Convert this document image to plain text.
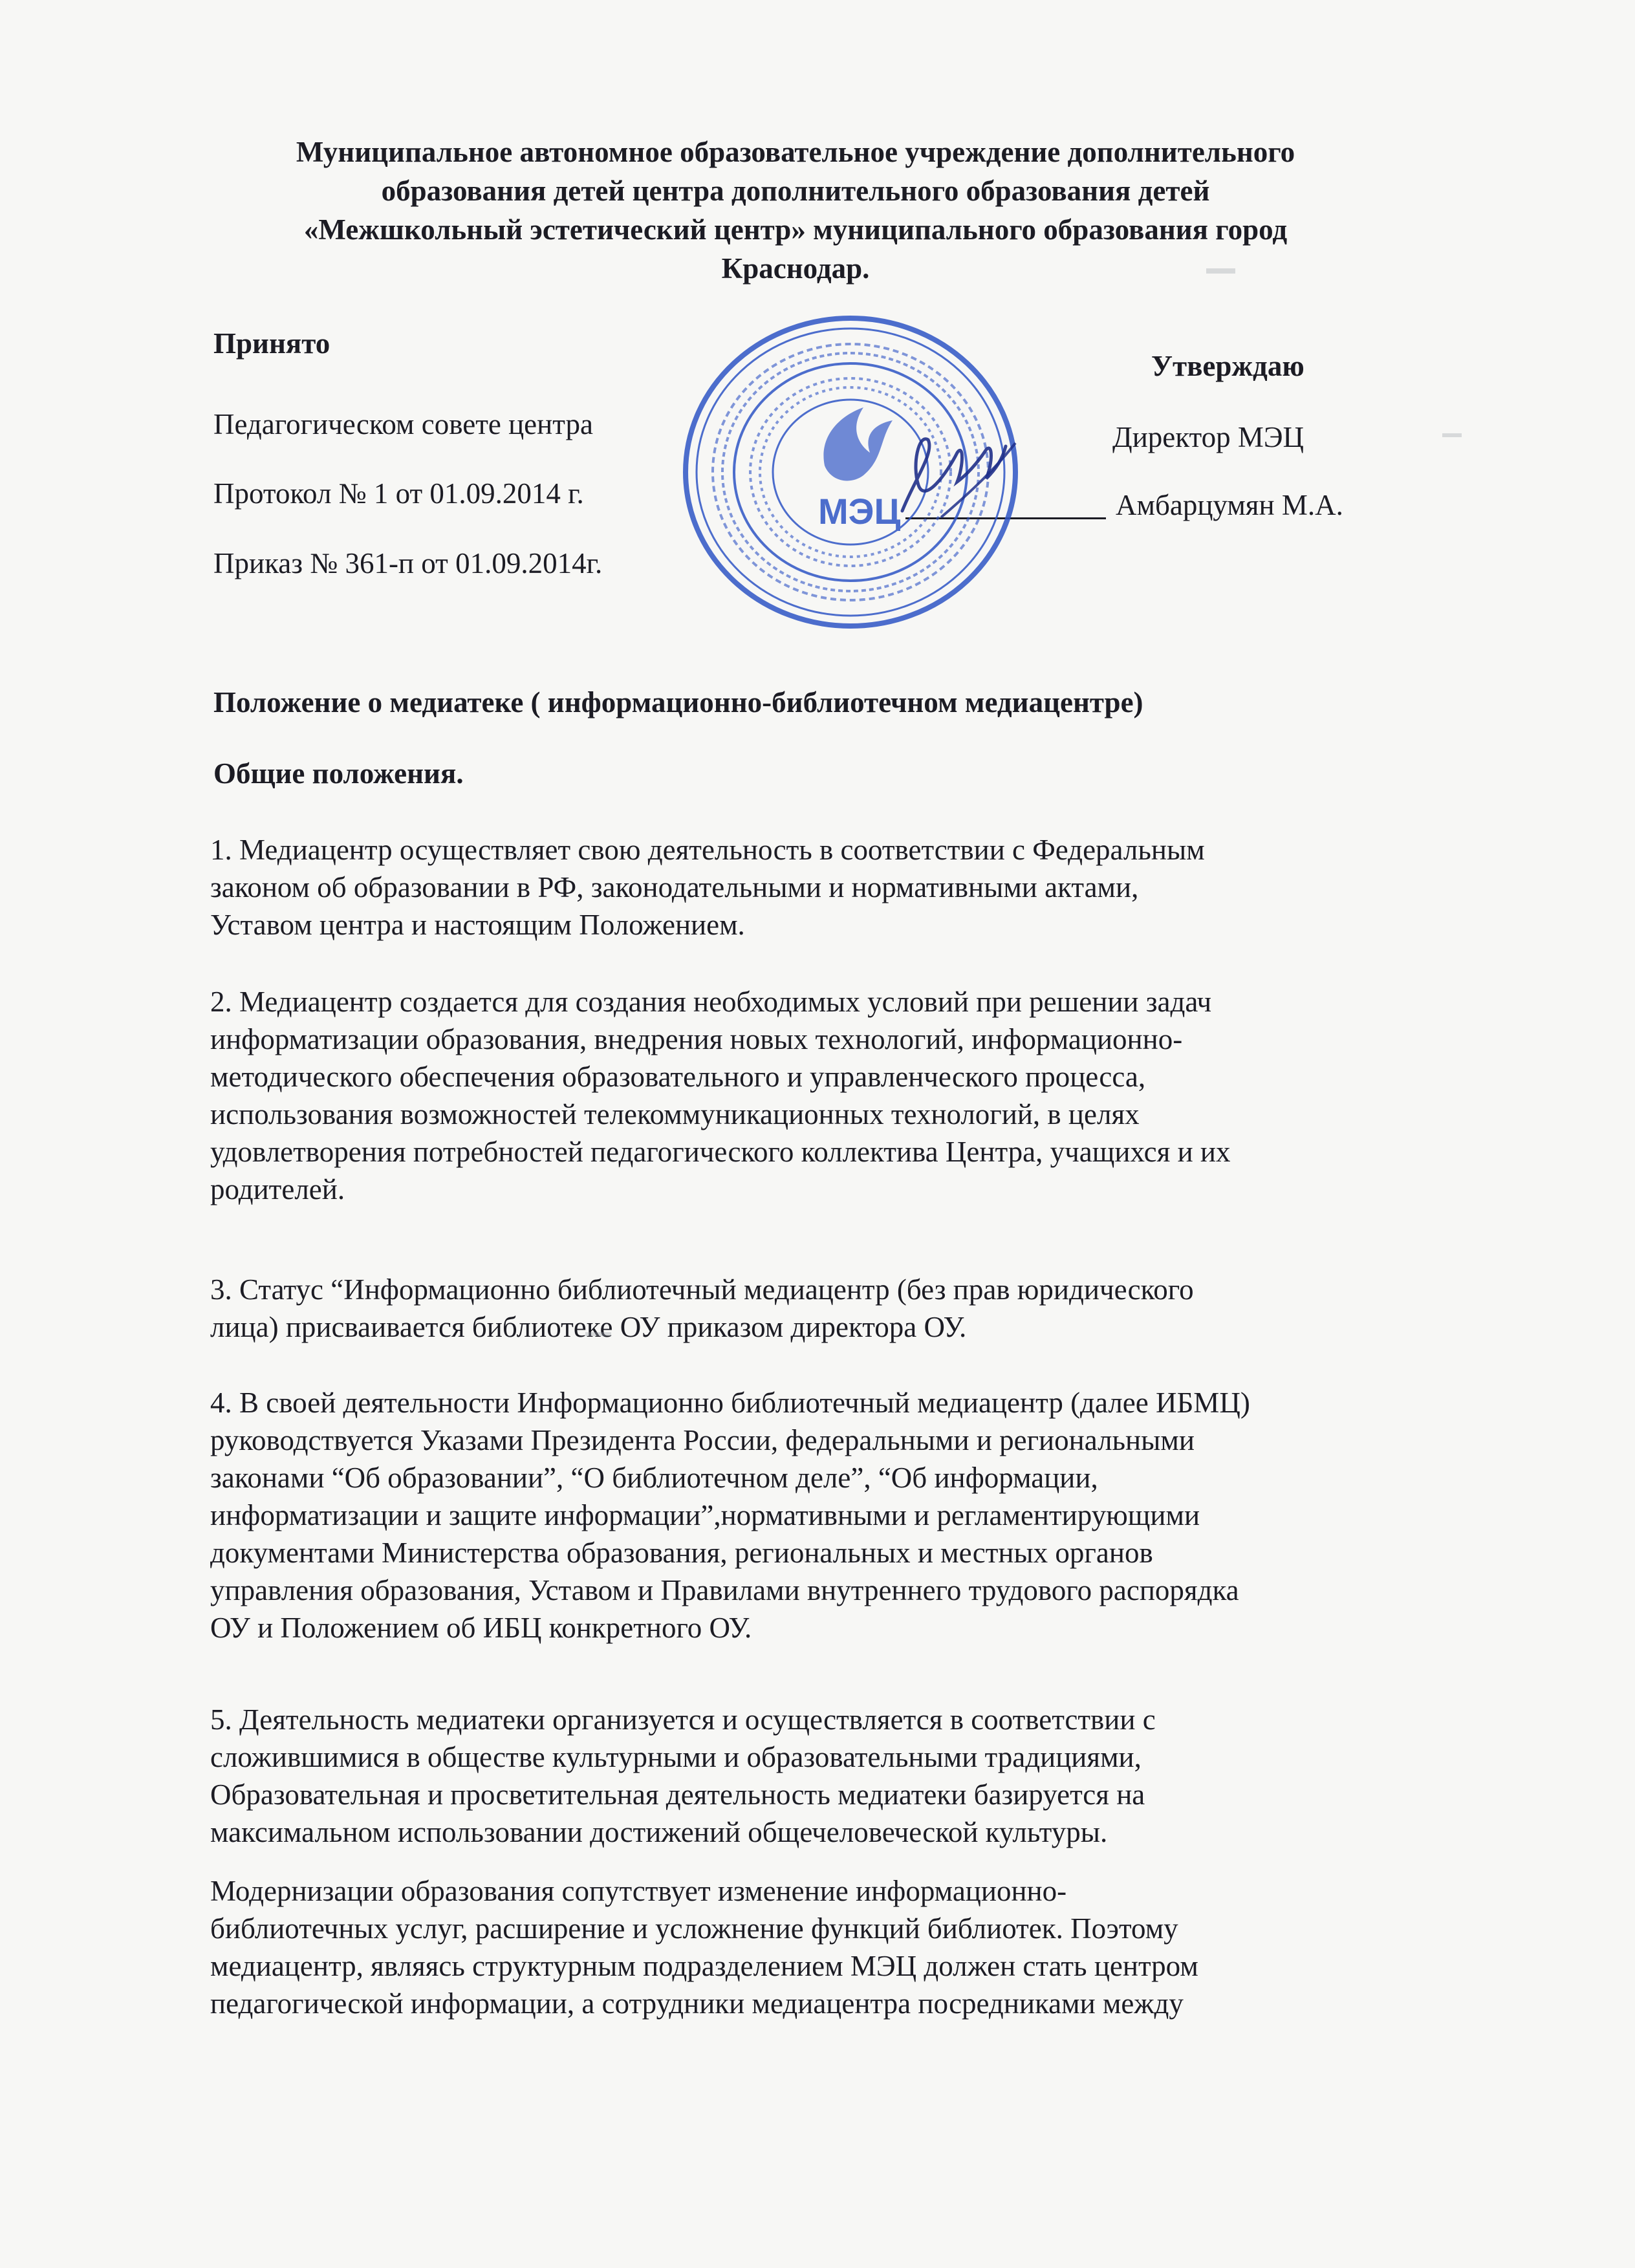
Муниципальное автономное образовательное учреждение дополнительного
образования детей центра дополнительного образования детей
«Межшкольный эстетический центр» муниципального образования город
Краснодар.
Принято
Педагогическом совете центра
Протокол № 1 от 01.09.2014 г.
Приказ № 361-п от 01.09.2014г.
Утверждаю
Директор МЭЦ
Амбарцумян М.А.
МЭЦ
Положение о медиатеке ( информационно-библиотечном медиацентре)
Общие положения.
1. Медиацентр осуществляет свою деятельность в соответствии с Федеральным
законом об образовании в РФ, законодательными и нормативными актами,
Уставом центра и настоящим Положением.
2. Медиацентр создается для создания необходимых условий при решении задач
информатизации образования, внедрения новых технологий, информационно-
методического обеспечения образовательного и управленческого процесса,
использования возможностей телекоммуникационных технологий, в целях
удовлетворения потребностей педагогического коллектива Центра, учащихся и их
родителей.
3. Статус “Информационно библиотечный медиацентр (без прав юридического
лица) присваивается библиотеке ОУ приказом директора ОУ.
4. В своей деятельности Информационно библиотечный медиацентр (далее ИБМЦ)
руководствуется Указами Президента России, федеральными и региональными
законами “Об образовании”, “О библиотечном деле”, “Об информации,
информатизации и защите информации”,нормативными и регламентирующими
документами Министерства образования, региональных и местных органов
управления образования, Уставом и Правилами внутреннего трудового распорядка
ОУ и Положением об ИБЦ конкретного ОУ.
5. Деятельность медиатеки организуется и осуществляется в соответствии с
сложившимися в обществе культурными и образовательными традициями,
Образовательная и просветительная деятельность медиатеки базируется на
максимальном использовании достижений общечеловеческой культуры.
Модернизации образования сопутствует изменение информационно-
библиотечных услуг, расширение и усложнение функций библиотек. Поэтому
медиацентр, являясь структурным подразделением МЭЦ должен стать центром
педагогической информации, а сотрудники медиацентра посредниками между
